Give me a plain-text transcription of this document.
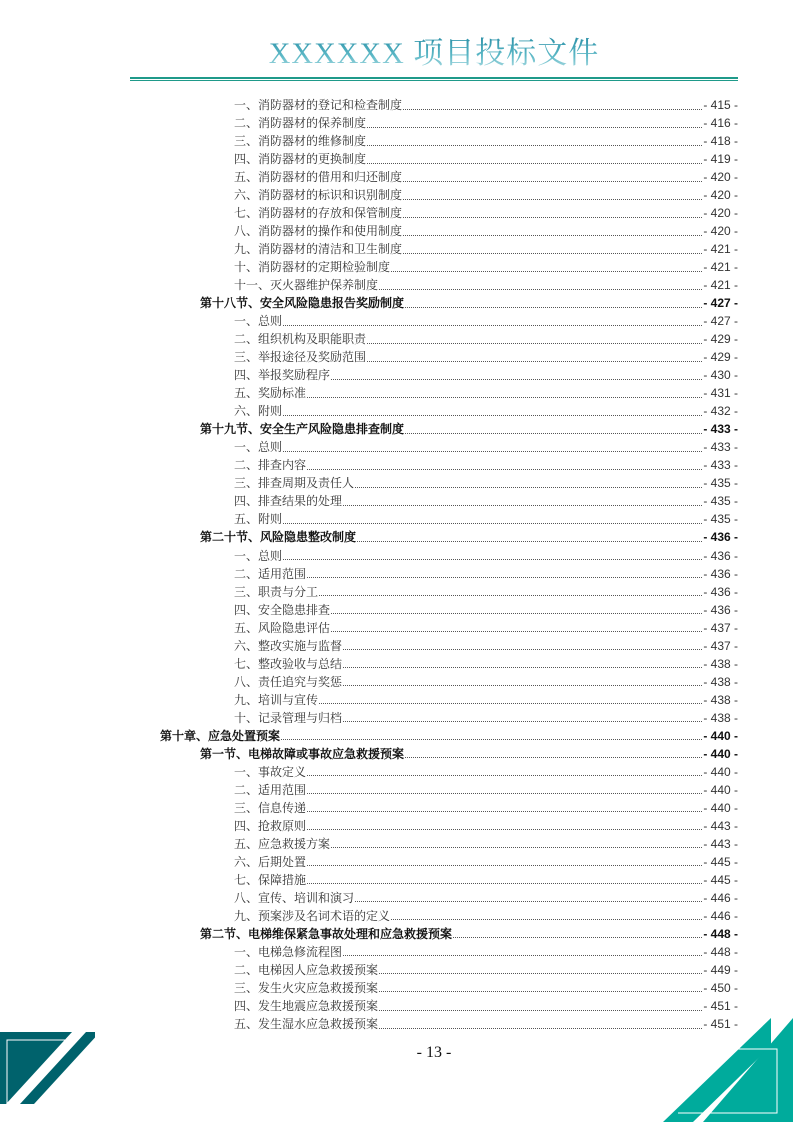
XXXXXX 项目投标文件
一、消防器材的登记和检查制度	- 415 -
二、消防器材的保养制度	- 416 -
三、消防器材的维修制度	- 418 -
四、消防器材的更换制度	- 419 -
五、消防器材的借用和归还制度	- 420 -
六、消防器材的标识和识别制度	- 420 -
七、消防器材的存放和保管制度	- 420 -
八、消防器材的操作和使用制度	- 420 -
九、消防器材的清洁和卫生制度	- 421 -
十、消防器材的定期检验制度	- 421 -
十一、灭火器维护保养制度	- 421 -
第十八节、安全风险隐患报告奖励制度	- 427 -
一、总则	- 427 -
二、组织机构及职能职责	- 429 -
三、举报途径及奖励范围	- 429 -
四、举报奖励程序	- 430 -
五、奖励标准	- 431 -
六、附则	- 432 -
第十九节、安全生产风险隐患排查制度	- 433 -
一、总则	- 433 -
二、排查内容	- 433 -
三、排查周期及责任人	- 435 -
四、排查结果的处理	- 435 -
五、附则	- 435 -
第二十节、风险隐患整改制度	- 436 -
一、总则	- 436 -
二、适用范围	- 436 -
三、职责与分工	- 436 -
四、安全隐患排查	- 436 -
五、风险隐患评估	- 437 -
六、整改实施与监督	- 437 -
七、整改验收与总结	- 438 -
八、责任追究与奖惩	- 438 -
九、培训与宣传	- 438 -
十、记录管理与归档	- 438 -
第十章、应急处置预案	- 440 -
第一节、电梯故障或事故应急救援预案	- 440 -
一、事故定义	- 440 -
二、适用范围	- 440 -
三、信息传递	- 440 -
四、抢救原则	- 443 -
五、应急救援方案	- 443 -
六、后期处置	- 445 -
七、保障措施	- 445 -
八、宣传、培训和演习	- 446 -
九、预案涉及名词术语的定义	- 446 -
第二节、电梯维保紧急事故处理和应急救援预案	- 448 -
一、电梯急修流程图	- 448 -
二、电梯因人应急救援预案	- 449 -
三、发生火灾应急救援预案	- 450 -
四、发生地震应急救援预案	- 451 -
五、发生湿水应急救援预案	- 451 -
- 13 -
